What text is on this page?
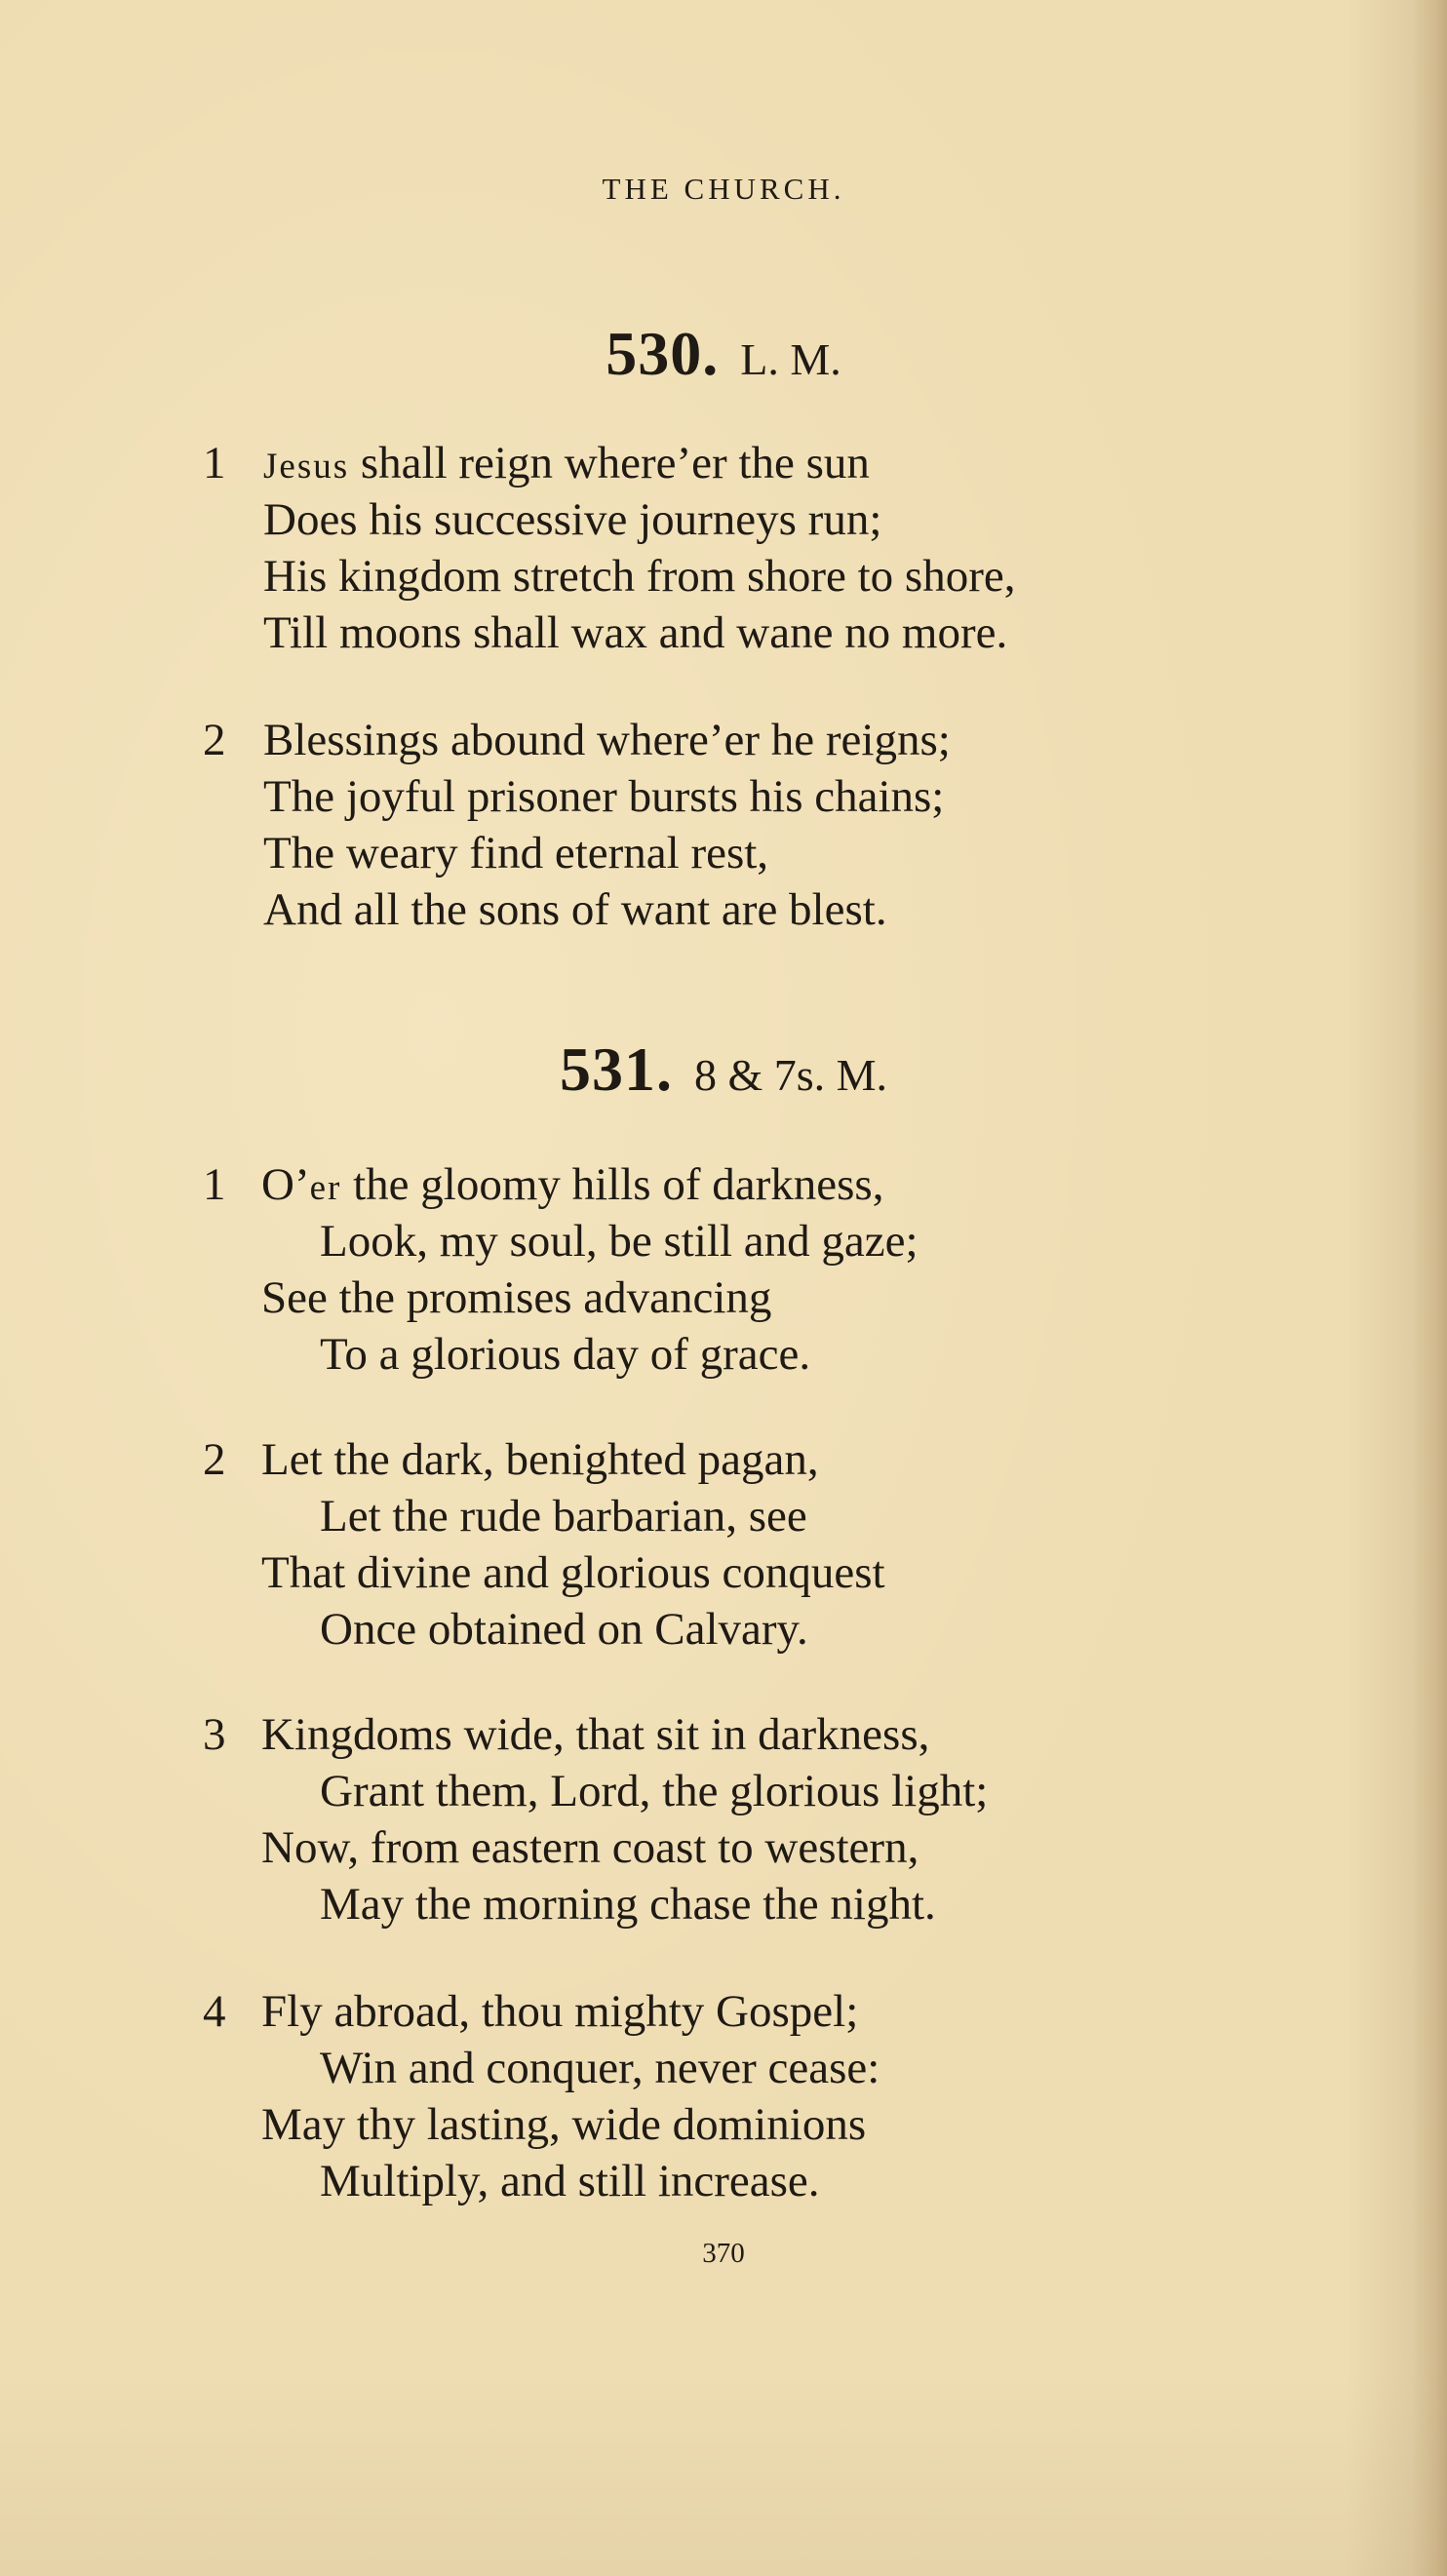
THE CHURCH.
530. L. M.
1 Jesus shall reign where’er the sun
Does his successive journeys run;
His kingdom stretch from shore to shore,
Till moons shall wax and wane no more.
2 Blessings abound where’er he reigns;
The joyful prisoner bursts his chains;
The weary find eternal rest,
And all the sons of want are blest.
531. 8 & 7s. M.
1 O’er the gloomy hills of darkness,
Look, my soul, be still and gaze;
See the promises advancing
To a glorious day of grace.
2 Let the dark, benighted pagan,
Let the rude barbarian, see
That divine and glorious conquest
Once obtained on Calvary.
3 Kingdoms wide, that sit in darkness,
Grant them, Lord, the glorious light;
Now, from eastern coast to western,
May the morning chase the night.
4 Fly abroad, thou mighty Gospel;
Win and conquer, never cease:
May thy lasting, wide dominions
Multiply, and still increase.
370
